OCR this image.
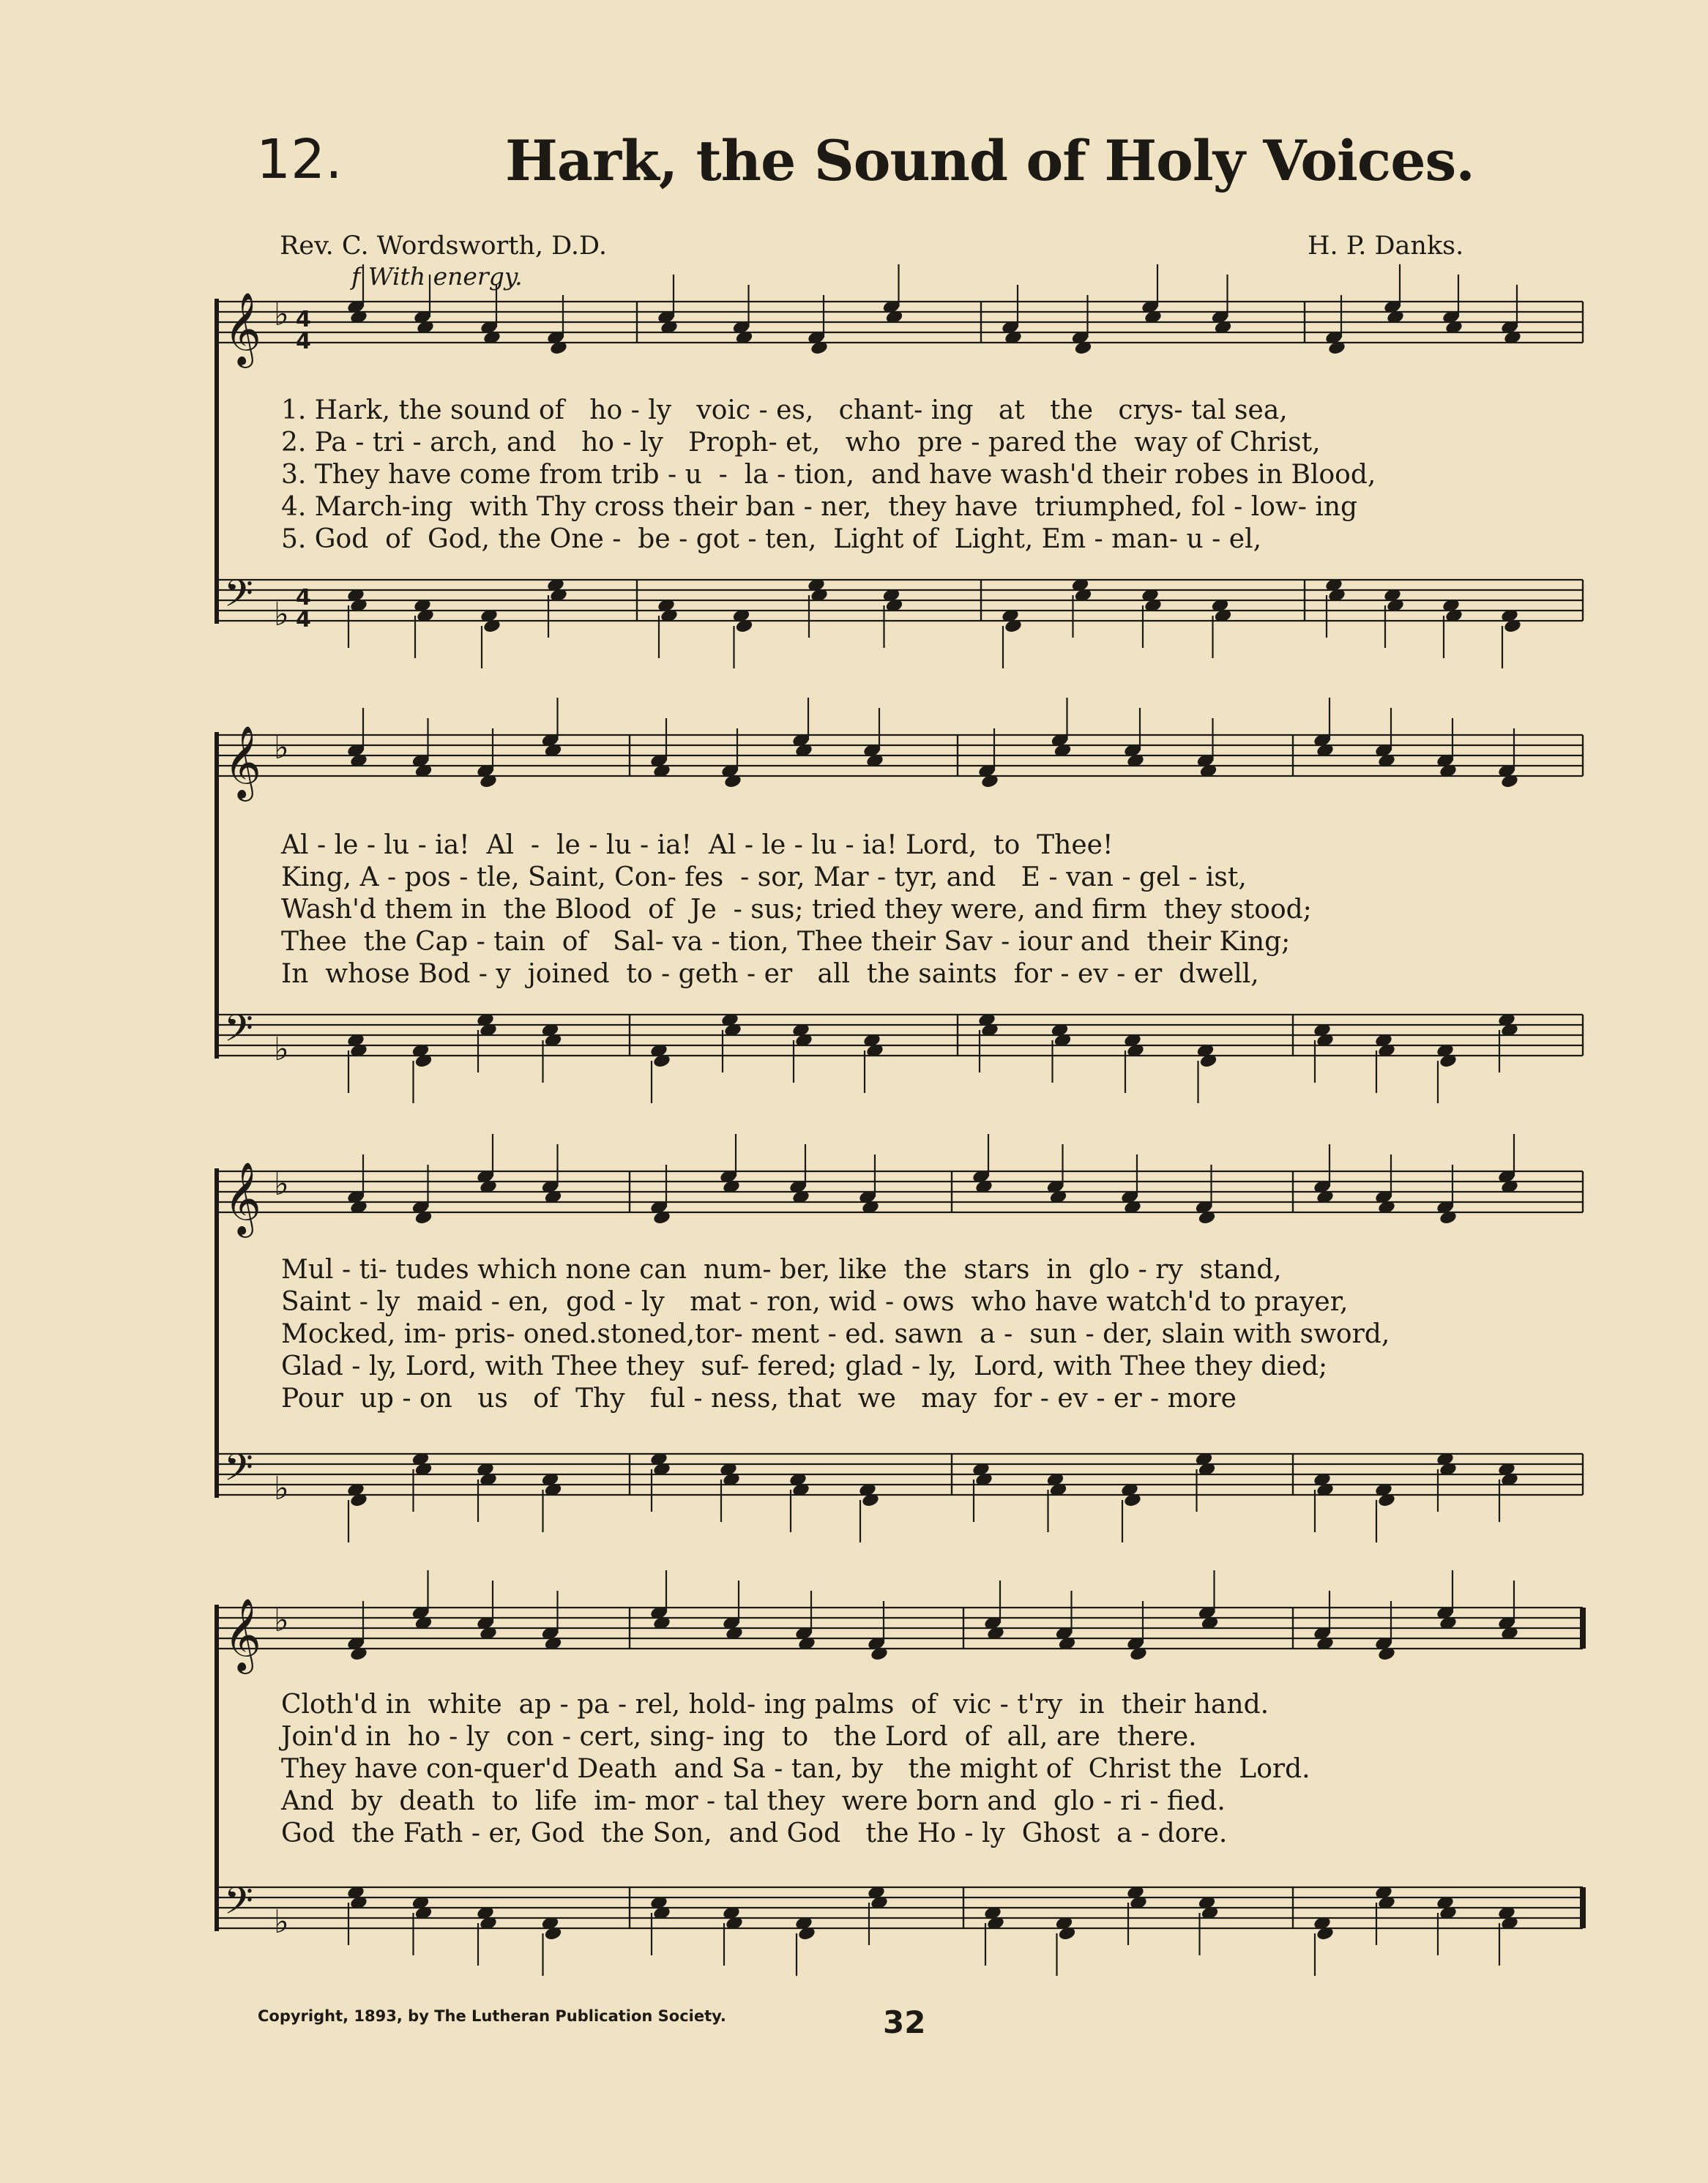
12.	Hark, the Sound of Holy Voices.
Rev. C. Wordsworth, D.D.	H. P. Danks.
f With energy.
𝄞 ♭ 4
4
𝄢 ♭ 4
4
𝄞 ♭
𝄢 ♭
𝄞 ♭
𝄢 ♭
𝄞 ♭
𝄢 ♭
1. Hark, the sound of   ho - ly   voic - es,   chant- ing   at   the   crys- tal sea,
2. Pa - tri - arch, and   ho - ly   Proph- et,   who  pre - pared the  way of Christ,
3. They have come from trib - u  -  la - tion,  and have wash'd their robes in Blood,
4. March-ing  with Thy cross their ban - ner,  they have  triumphed, fol - low- ing
5. God  of  God, the One -  be - got - ten,  Light of  Light, Em - man- u - el,
Al - le - lu - ia!  Al  -  le - lu - ia!  Al - le - lu - ia! Lord,  to  Thee!
King, A - pos - tle, Saint, Con- fes  - sor, Mar - tyr, and   E - van - gel - ist,
Wash'd them in  the Blood  of  Je  - sus; tried they were, and firm  they stood;
Thee  the Cap - tain  of   Sal- va - tion, Thee their Sav - iour and  their King;
In  whose Bod - y  joined  to - geth - er   all  the saints  for - ev - er  dwell,
Mul - ti- tudes which none can  num- ber, like  the  stars  in  glo - ry  stand,
Saint - ly  maid - en,  god - ly   mat - ron, wid - ows  who have watch'd to prayer,
Mocked, im- pris- oned.stoned,tor- ment - ed. sawn  a -  sun - der, slain with sword,
Glad - ly, Lord, with Thee they  suf- fered; glad - ly,  Lord, with Thee they died;
Pour  up - on   us   of  Thy   ful - ness, that  we   may  for - ev - er - more
Cloth'd in  white  ap - pa - rel, hold- ing palms  of  vic - t'ry  in  their hand.
Join'd in  ho - ly  con - cert, sing- ing  to   the Lord  of  all, are  there.
They have con-quer'd Death  and Sa - tan, by   the might of  Christ the  Lord.
And  by  death  to  life  im- mor - tal they  were born and  glo - ri - fied.
God  the Fath - er, God  the Son,  and God   the Ho - ly  Ghost  a - dore.
Copyright, 1893, by The Lutheran Publication Society.	32
